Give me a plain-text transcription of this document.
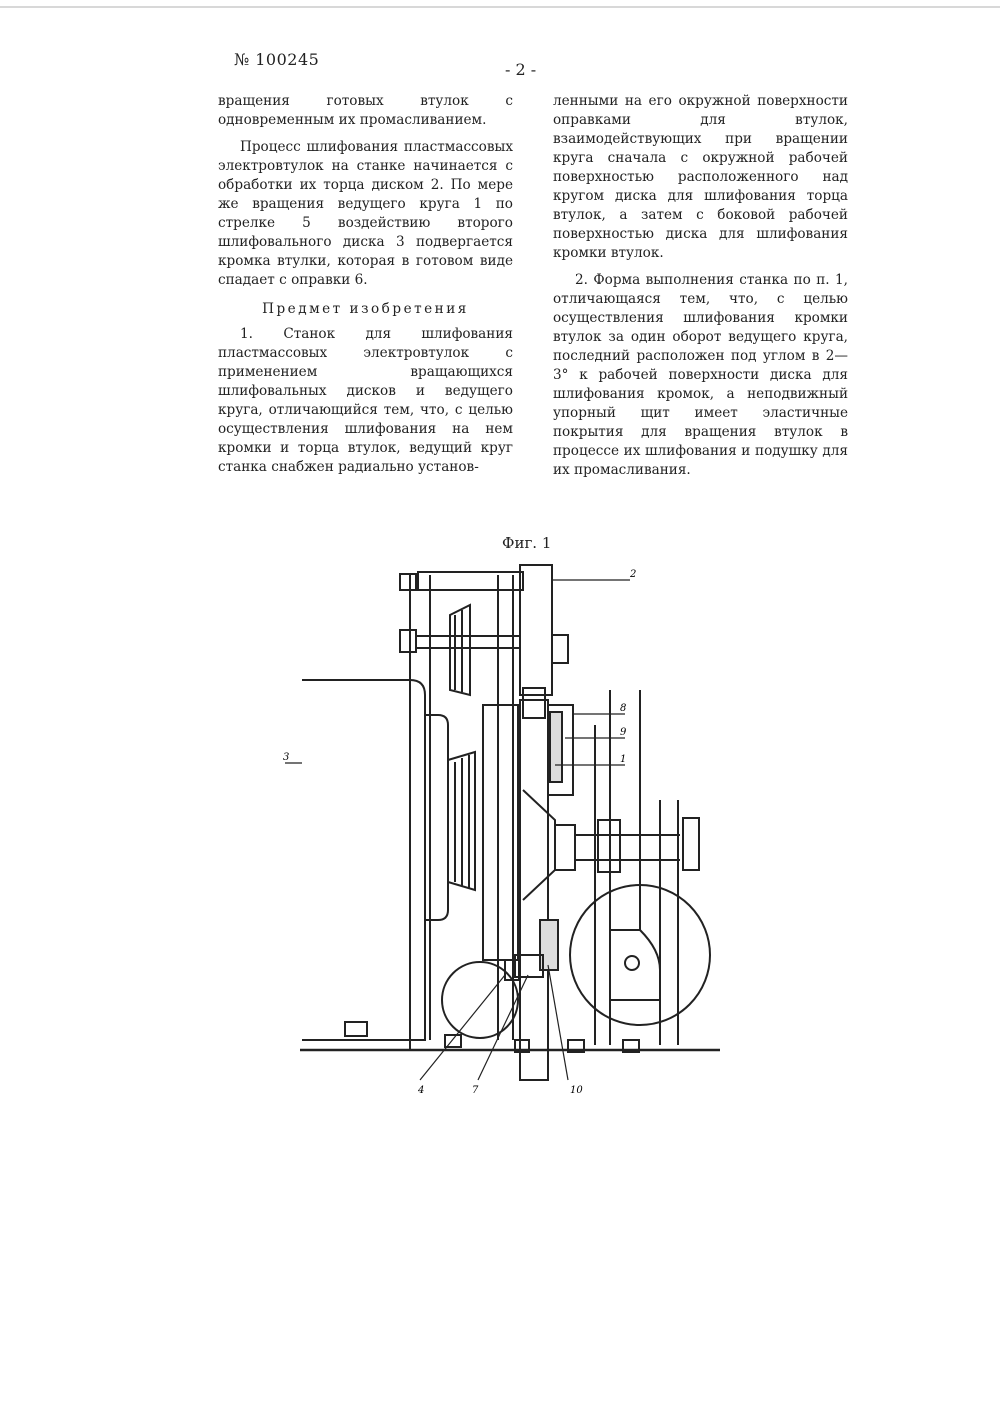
№ 100245
- 2 -

вращения готовых втулок с одновременным их промасливанием.

Процесс шлифования пластмассовых электровтулок на станке начинается с обработки их торца диском 2. По мере же вращения ведущего круга 1 по стрелке 5 воздействию второго шлифовального диска 3 подвергается кромка втулки, которая в готовом виде спадает с оправки 6.

Предмет изобретения

1. Станок для шлифования пластмассовых электровтулок с применением вращающихся шлифовальных дисков и ведущего круга, отличающийся тем, что, с целью осуществления шлифования на нем кромки и торца втулок, ведущий круг станка снабжен радиально установ-

ленными на его окружной поверхности оправками для втулок, взаимодействующих при вращении круга сначала с окружной рабочей поверхностью расположенного над кругом диска для шлифования торца втулок, а затем с боковой рабочей поверхностью диска для шлифования кромки втулок.

2. Форма выполнения станка по п. 1, отличающаяся тем, что, с целью осуществления шлифования кромки втулок за один оборот ведущего круга, последний расположен под углом в 2—3° к рабочей поверхности диска для шлифования кромок, а неподвижный упорный щит имеет эластичные покрытия для вращения втулок в процессе их шлифования и подушку для их промасливания.

Фиг. 1
2
8
9
1
3
4	7	10
